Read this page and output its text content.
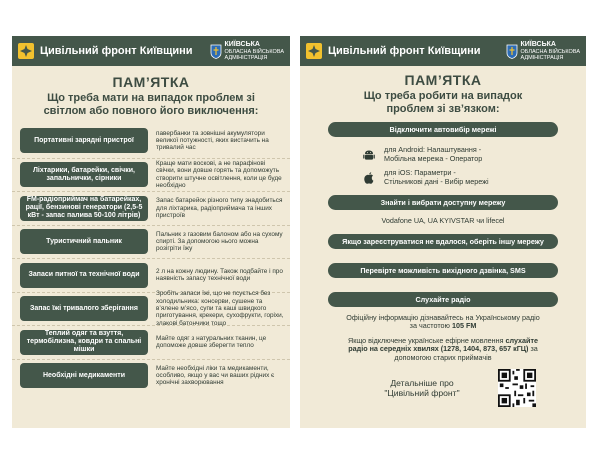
Цивільний фронт Київщини
КИЇВСЬКА
ОБЛАСНА ВІЙСЬКОВА
АДМІНІСТРАЦІЯ
ПАМ’ЯТКА
Що треба мати на випадок проблем зі
світлом або повного його виключення:
Портативні зарядні пристрої
павербанки та зовнішні акумулятори великої потужності, яких вистачить на тривалий час
Ліхтарики, батарейки, свічки, запальнички, сірники
Краще мати воскові, а не парафінові свічки, вони довше горять та допоможуть створити штучне освітлення, коли це буде необхідно
FM-радіоприймач на батарейках, рації, бензинові генератори (2,5-5 кВт - запас палива 50-100 літрів)
Запас батарейок різного типу знадобиться для ліхтарика, радіоприймача та інших пристроїв
Туристичний пальник
Пальник з газовим балоном або на сухому спирті. За допомогою нього можна розігріти їжу
Запаси питної та технічної води	2 л на кожну людину. Також подбайте і про наявність запасу технічної води
Запас їжі тривалого зберігання
Зробіть запаси їжі, що не псується без холодильника: консерви, сушене та в’ялене м’ясо, супи та каші швидкого приготування, крекери, сухофрукти, горіхи, злакові батончики тощо
Теплий одяг та взуття, термобілизна, ковдри та спальні мішки
Майте одяг з натуральних тканин, це допоможе довше зберегти тепло
Необхідні медикаменти
Майте необхідні ліки та медикаменти, особливо, якщо у вас чи ваших рідних є хронічні захворювання
Цивільний фронт Київщини
КИЇВСЬКА
ОБЛАСНА ВІЙСЬКОВА
АДМІНІСТРАЦІЯ
ПАМ’ЯТКА
Що треба робити на випадок
проблем зі зв’язком:
Відключити автовибір мережі
для Android: Налаштування -
Мобільна мережа - Оператор
для iOS: Параметри -
Стільникові дані - Вибір мережі
Знайти і вибрати доступну мережу
Vodafone UA, UA KYIVSTAR чи lifecel
Якщо зареєструватися не вдалося, оберіть іншу мережу
Перевірте можливість вихідного дзвінка, SMS
Слухайте радіо
Офіційну інформацію дізнавайтесь на Українському радіо
за частотою 105 FM
Якщо відключене українське ефірне мовлення слухайте
радіо на середніх хвилях (1278, 1404, 873, 657 кГЦ) за
допомогою старих приймачів
Детальніше про
"Цивільний фронт"
